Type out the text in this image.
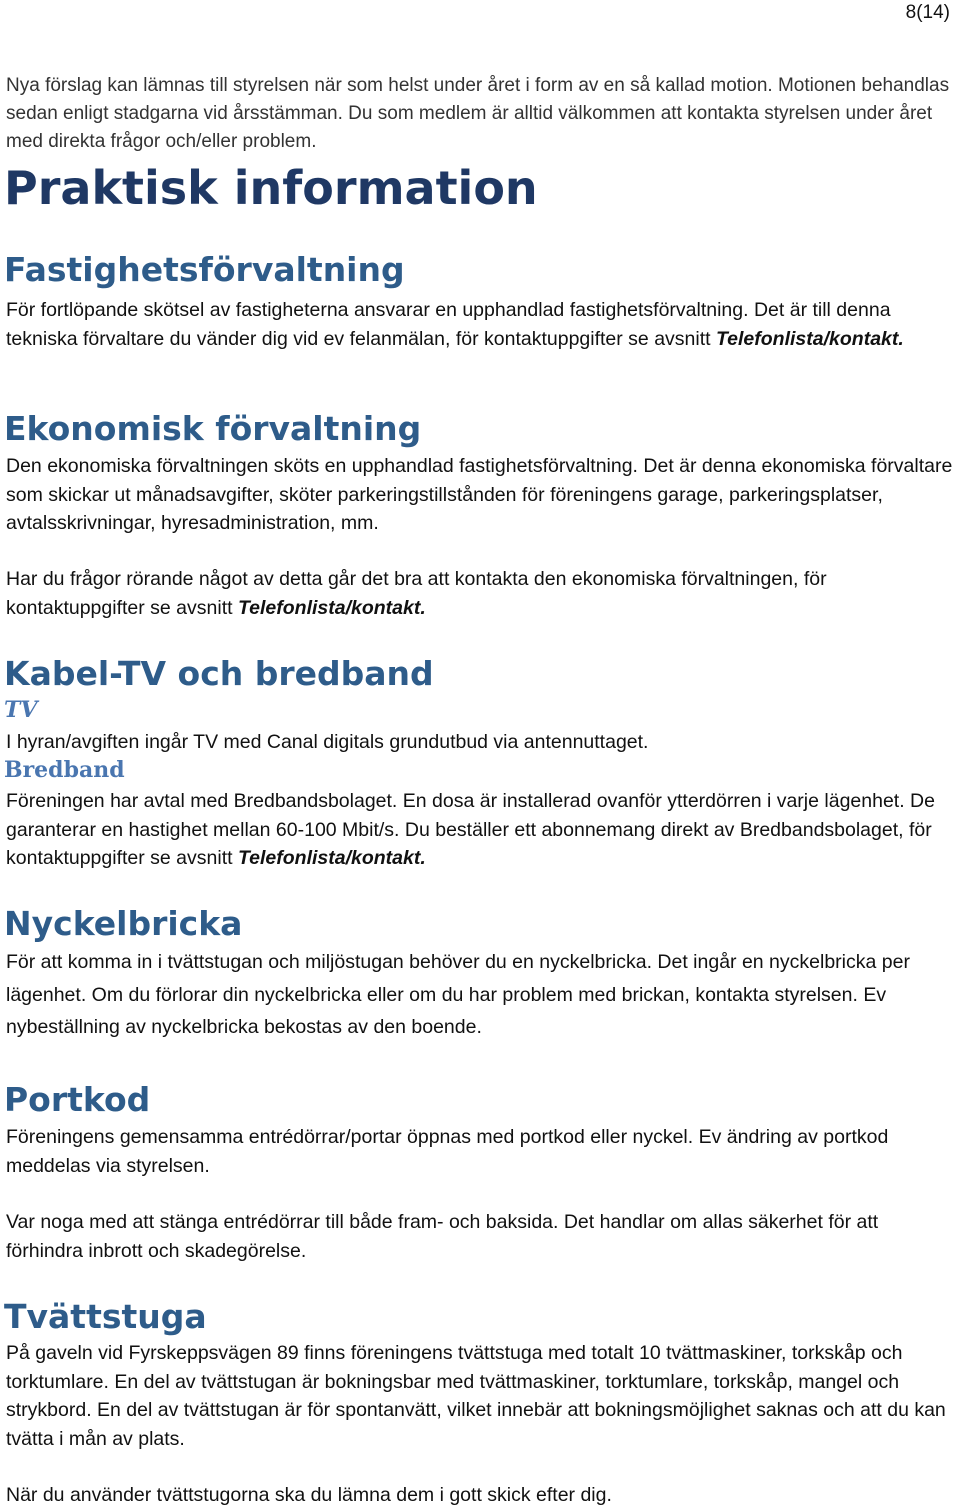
8(14)

Nya förslag kan lämnas till styrelsen när som helst under året i form av en så kallad motion. Motionen behandlas sedan enligt stadgarna vid årsstämman. Du som medlem är alltid välkommen att kontakta styrelsen under året med direkta frågor och/eller problem.

Praktisk information
Fastighetsförvaltning

För fortlöpande skötsel av fastigheterna ansvarar en upphandlad fastighetsförvaltning. Det är till denna tekniska förvaltare du vänder dig vid ev felanmälan, för kontaktuppgifter se avsnitt Telefonlista/kontakt.

Ekonomisk förvaltning

Den ekonomiska förvaltningen sköts en upphandlad fastighetsförvaltning. Det är denna ekonomiska förvaltare som skickar ut månadsavgifter, sköter parkeringstillstånden för föreningens garage, parkeringsplatser, avtalsskrivningar, hyresadministration, mm.

Har du frågor rörande något av detta går det bra att kontakta den ekonomiska förvaltningen, för kontaktuppgifter se avsnitt Telefonlista/kontakt.

Kabel-TV och bredband
TV

I hyran/avgiften ingår TV med Canal digitals grundutbud via antennuttaget.

Bredband

Föreningen har avtal med Bredbandsbolaget. En dosa är installerad ovanför ytterdörren i varje lägenhet. De garanterar en hastighet mellan 60-100 Mbit/s. Du beställer ett abonnemang direkt av Bredbandsbolaget, för kontaktuppgifter se avsnitt Telefonlista/kontakt.

Nyckelbricka

För att komma in i tvättstugan och miljöstugan behöver du en nyckelbricka. Det ingår en nyckelbricka per lägenhet. Om du förlorar din nyckelbricka eller om du har problem med brickan, kontakta styrelsen. Ev nybeställning av nyckelbricka bekostas av den boende.

Portkod

Föreningens gemensamma entrédörrar/portar öppnas med portkod eller nyckel. Ev ändring av portkod meddelas via styrelsen.

Var noga med att stänga entrédörrar till både fram- och baksida. Det handlar om allas säkerhet för att förhindra inbrott och skadegörelse.

Tvättstuga

På gaveln vid Fyrskeppsvägen 89 finns föreningens tvättstuga med totalt 10 tvättmaskiner, torkskåp och torktumlare. En del av tvättstugan är bokningsbar med tvättmaskiner, torktumlare, torkskåp, mangel och strykbord. En del av tvättstugan är för spontanvätt, vilket innebär att bokningsmöjlighet saknas och att du kan tvätta i mån av plats.

När du använder tvättstugorna ska du lämna dem i gott skick efter dig.
